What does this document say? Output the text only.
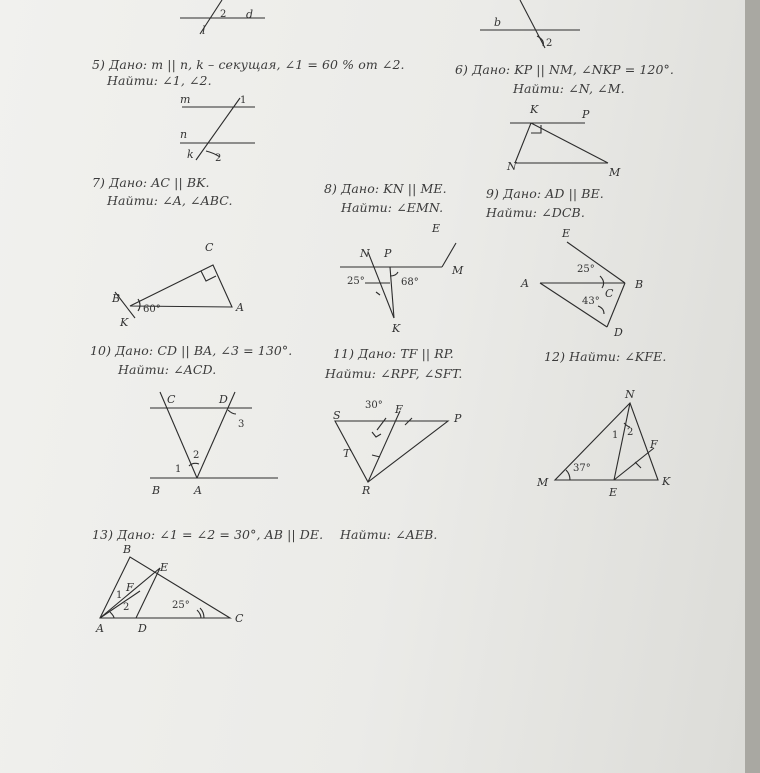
2 d
l
b
2
5) Дано: m || n, k – секущая, ∠1 = 60 % от ∠2.
Найти: ∠1, ∠2.
m	1
n
k 2
6) Дано: KP || NM, ∠NKP = 120°.
Найти: ∠N, ∠M.
K	P
N	M
7) Дано: AC || BK.
Найти: ∠A, ∠ABC.
C
B
A
K
60°
8) Дано: KN || ME.
Найти: ∠EMN.
N P
E
M
K
25°	68°
9) Дано: AD || BE.
Найти: ∠DCB.
E
A	B
C
D
25°
43°
10) Дано: CD || BA, ∠3 = 130°.
Найти: ∠ACD.
C	D
3
2
1
B	A
11) Дано: TF || RP.
Найти: ∠RPF, ∠SFT.
30°
S	F
P
T
R
12) Найти: ∠KFE.
N
1 2
F
37°
M	K
E
13) Дано: ∠1 = ∠2 = 30°, AB || DE. Найти: ∠AEB.
B
E
F
1
2	25°
A	D
C
